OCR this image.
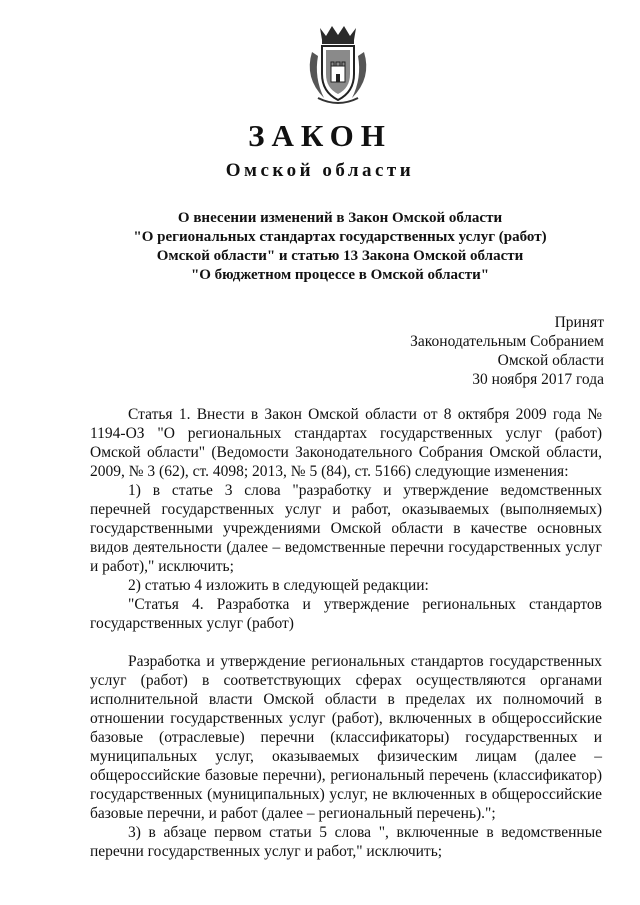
ЗАКОН
Омской области
О внесении изменений в Закон Омской области
"О региональных стандартах государственных услуг (работ)
Омской области" и статью 13 Закона Омской области
"О бюджетном процессе в Омской области"
Принят
Законодательным Собранием
Омской области
30 ноября 2017 года

Статья 1. Внести в Закон Омской области от 8 октября 2009 года № 1194-ОЗ "О региональных стандартах государственных услуг (работ) Омской области" (Ведомости Законодательного Собрания Омской области, 2009, № 3 (62), ст. 4098; 2013, № 5 (84), ст. 5166) следующие изменения:

1) в статье 3 слова "разработку и утверждение ведомственных перечней государственных услуг и работ, оказываемых (выполняемых) государственными учреждениями Омской области в качестве основных видов деятельности (далее – ведомственные перечни государственных услуг и работ)," исключить;

2) статью 4 изложить в следующей редакции:

"Статья 4. Разработка и утверждение региональных стандартов государственных услуг (работ)

Разработка и утверждение региональных стандартов государственных услуг (работ) в соответствующих сферах осуществляются органами исполнительной власти Омской области в пределах их полномочий в отношении государственных услуг (работ), включенных в общероссийские базовые (отраслевые) перечни (классификаторы) государственных и муниципальных услуг, оказываемых физическим лицам (далее – общероссийские базовые перечни), региональный перечень (классификатор) государственных (муниципальных) услуг, не включенных в общероссийские базовые перечни, и работ (далее – региональный перечень).";

3) в абзаце первом статьи 5 слова ", включенные в ведомственные перечни государственных услуг и работ," исключить;
